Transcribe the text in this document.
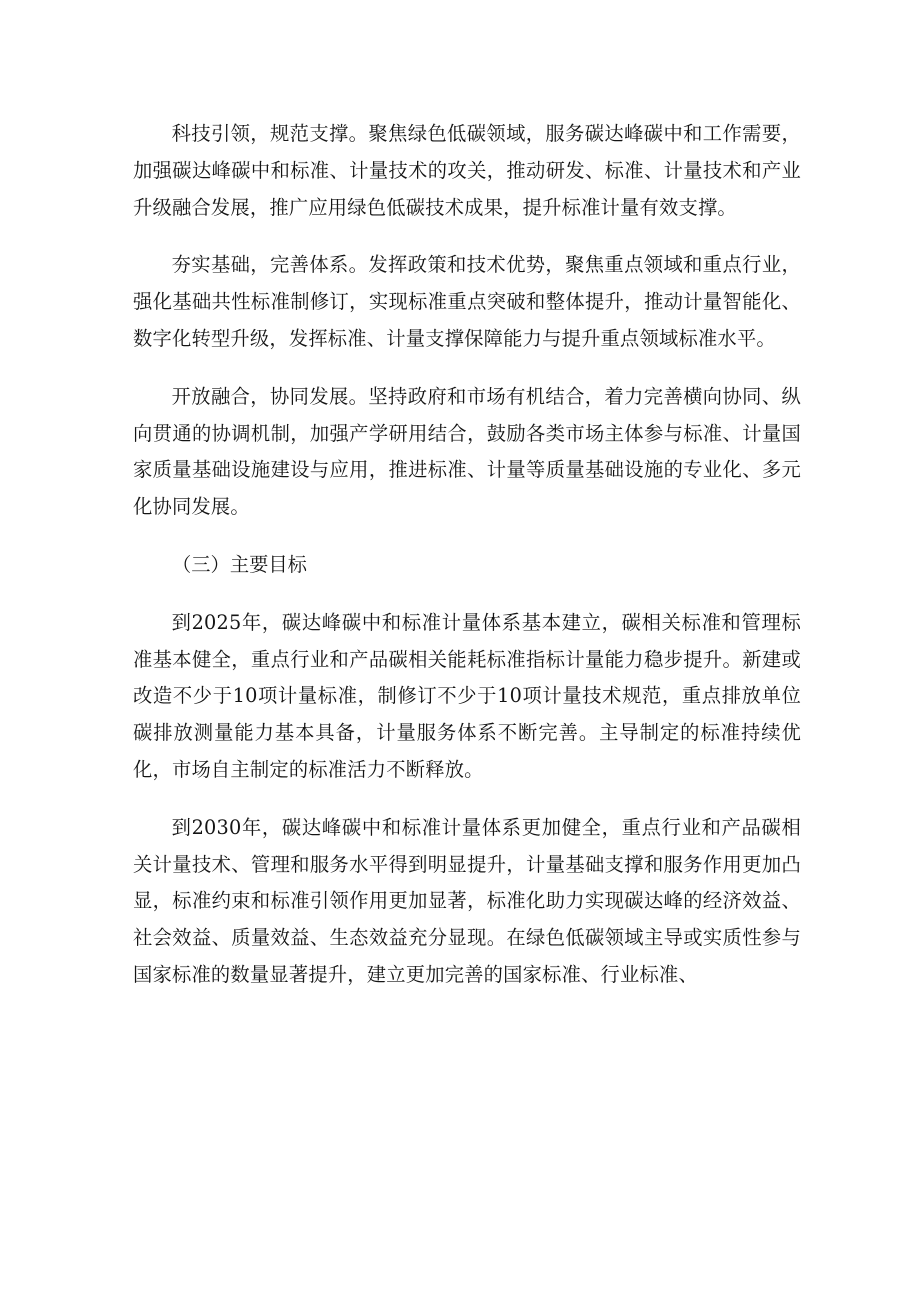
科技引领，规范支撑。聚焦绿色低碳领域，服务碳达峰碳中和工作需要，加强碳达峰碳中和标准、计量技术的攻关，推动研发、标准、计量技术和产业升级融合发展，推广应用绿色低碳技术成果，提升标准计量有效支撑。

夯实基础，完善体系。发挥政策和技术优势，聚焦重点领域和重点行业，强化基础共性标准制修订，实现标准重点突破和整体提升，推动计量智能化、数字化转型升级，发挥标准、计量支撑保障能力与提升重点领域标准水平。

开放融合，协同发展。坚持政府和市场有机结合，着力完善横向协同、纵向贯通的协调机制，加强产学研用结合，鼓励各类市场主体参与标准、计量国家质量基础设施建设与应用，推进标准、计量等质量基础设施的专业化、多元化协同发展。

（三）主要目标

到2025年，碳达峰碳中和标准计量体系基本建立，碳相关标准和管理标准基本健全，重点行业和产品碳相关能耗标准指标计量能力稳步提升。新建或改造不少于10项计量标准，制修订不少于10项计量技术规范，重点排放单位碳排放测量能力基本具备，计量服务体系不断完善。主导制定的标准持续优化，市场自主制定的标准活力不断释放。

到2030年，碳达峰碳中和标准计量体系更加健全，重点行业和产品碳相关计量技术、管理和服务水平得到明显提升，计量基础支撑和服务作用更加凸显，标准约束和标准引领作用更加显著，标准化助力实现碳达峰的经济效益、社会效益、质量效益、生态效益充分显现。在绿色低碳领域主导或实质性参与国家标准的数量显著提升，建立更加完善的国家标准、行业标准、
